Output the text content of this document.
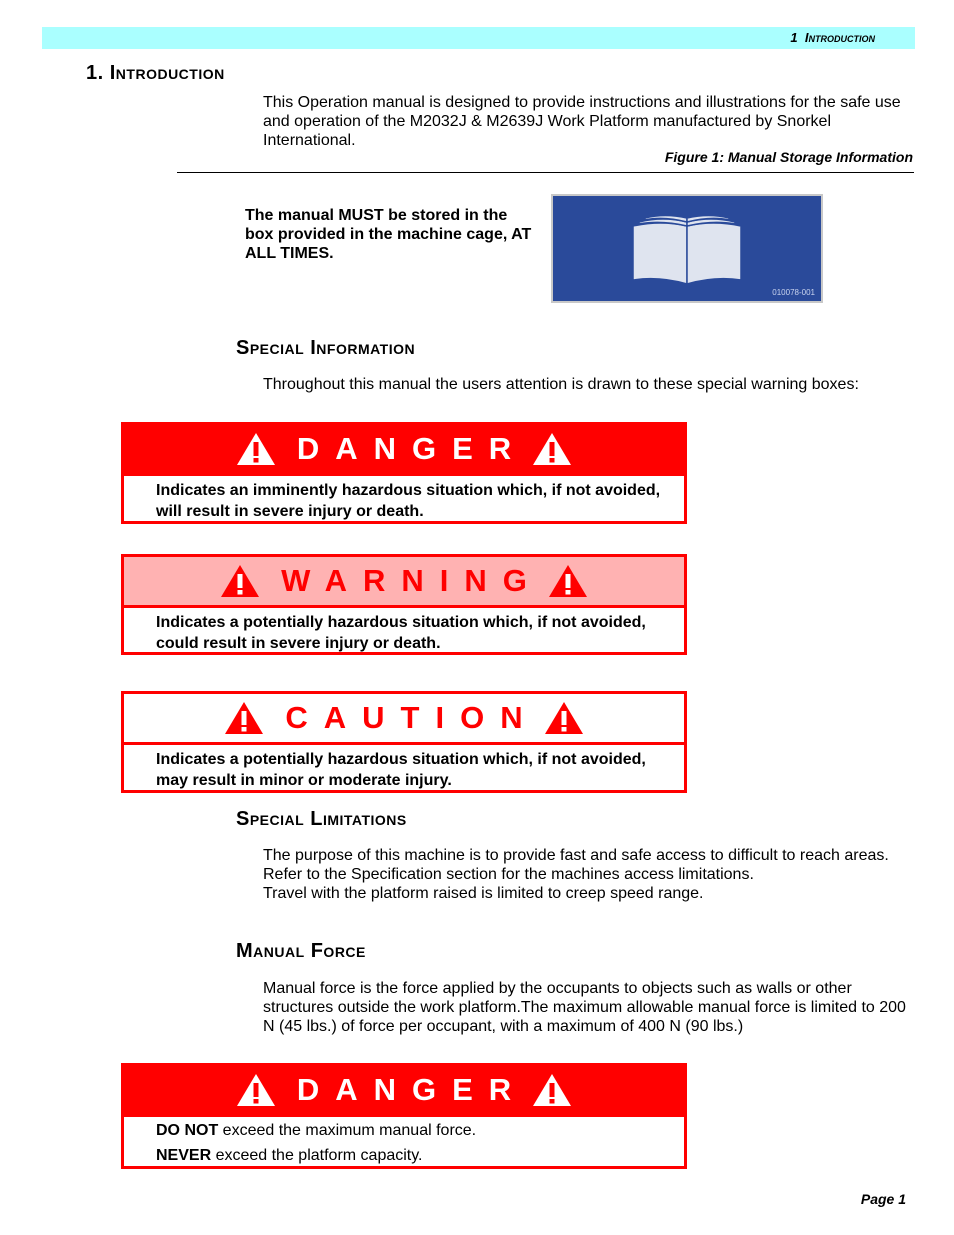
1 Introduction
1. Introduction
This Operation manual is designed to provide instructions and illustrations for the safe use and operation of the M2032J & M2639J Work Platform manufactured by Snorkel International.
Figure 1: Manual Storage Information
The manual MUST be stored in the box provided in the machine cage, AT ALL TIMES.
010078-001
Special Information
Throughout this manual the users attention is drawn to these special warning boxes:
DANGER
Indicates an imminently hazardous situation which, if not avoided, will result in severe injury or death.
WARNING
Indicates a potentially hazardous situation which, if not avoided, could result in severe injury or death.
CAUTION
Indicates a potentially hazardous situation which, if not avoided, may result in minor or moderate injury.
Special Limitations
The purpose of this machine is to provide fast and safe access to difficult to reach areas.
Refer to the Specification section for the machines access limitations.
Travel with the platform raised is limited to creep speed range.
Manual Force
Manual force is the force applied by the occupants to objects such as walls or other structures outside the work platform.The maximum allowable manual force is limited to 200 N (45 lbs.) of force per occupant, with a maximum of 400 N (90 lbs.)
DANGER
DO NOT exceed the maximum manual force.
NEVER exceed the platform capacity.
Page 1
